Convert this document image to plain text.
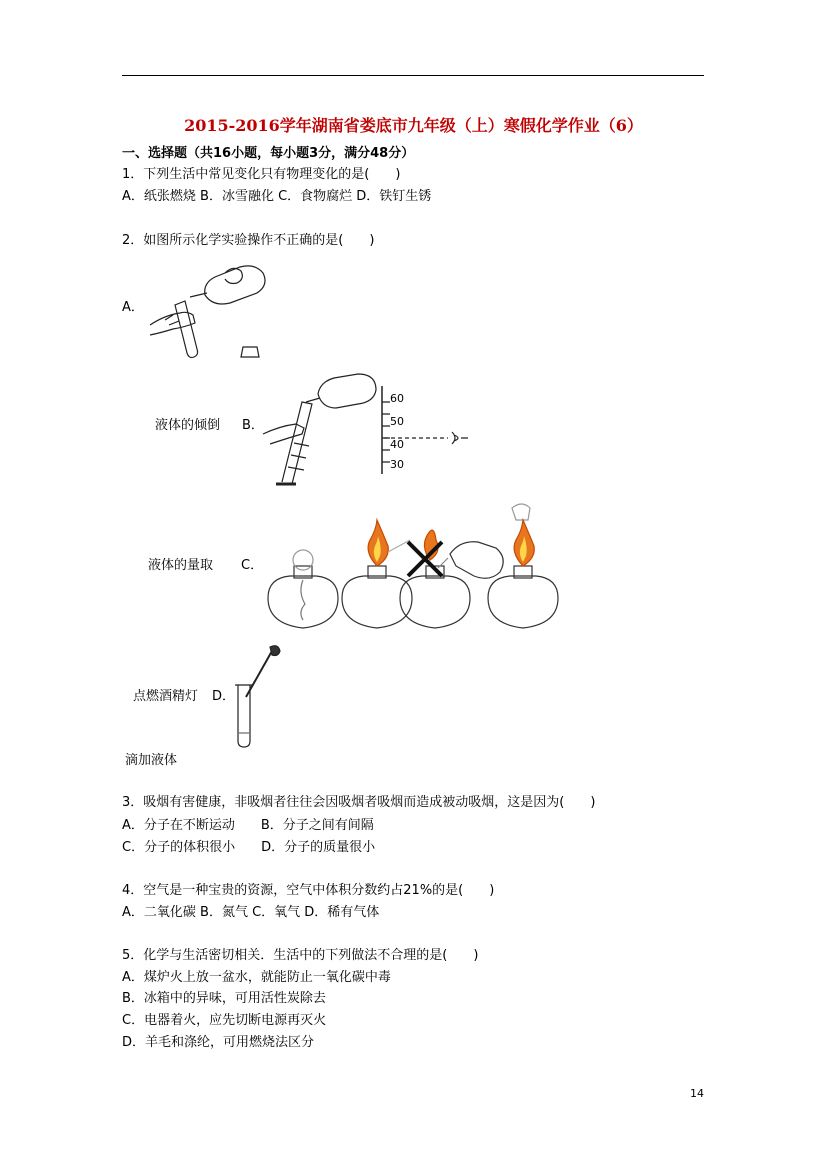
2015-2016学年湖南省娄底市九年级（上）寒假化学作业（6）
一、选择题（共16小题，每小题3分，满分48分）
1．下列生活中常见变化只有物理变化的是(　　)
A．纸张燃烧 B．冰雪融化 C．食物腐烂 D．铁钉生锈
2．如图所示化学实验操作不正确的是(　　)
A．
60
50
40
30
液体的倾倒 B．
液体的量取 C．
点燃酒精灯 D．
滴加液体
3．吸烟有害健康，非吸烟者往往会因吸烟者吸烟而造成被动吸烟，这是因为(　　)
A．分子在不断运动　　B．分子之间有间隔
C．分子的体积很小　　D．分子的质量很小
4．空气是一种宝贵的资源，空气中体积分数约占21%的是(　　)
A．二氧化碳 B．氮气 C．氧气 D．稀有气体
5．化学与生活密切相关．生活中的下列做法不合理的是(　　)
A．煤炉火上放一盆水，就能防止一氧化碳中毒
B．冰箱中的异味，可用活性炭除去
C．电器着火，应先切断电源再灭火
D．羊毛和涤纶，可用燃烧法区分
14
